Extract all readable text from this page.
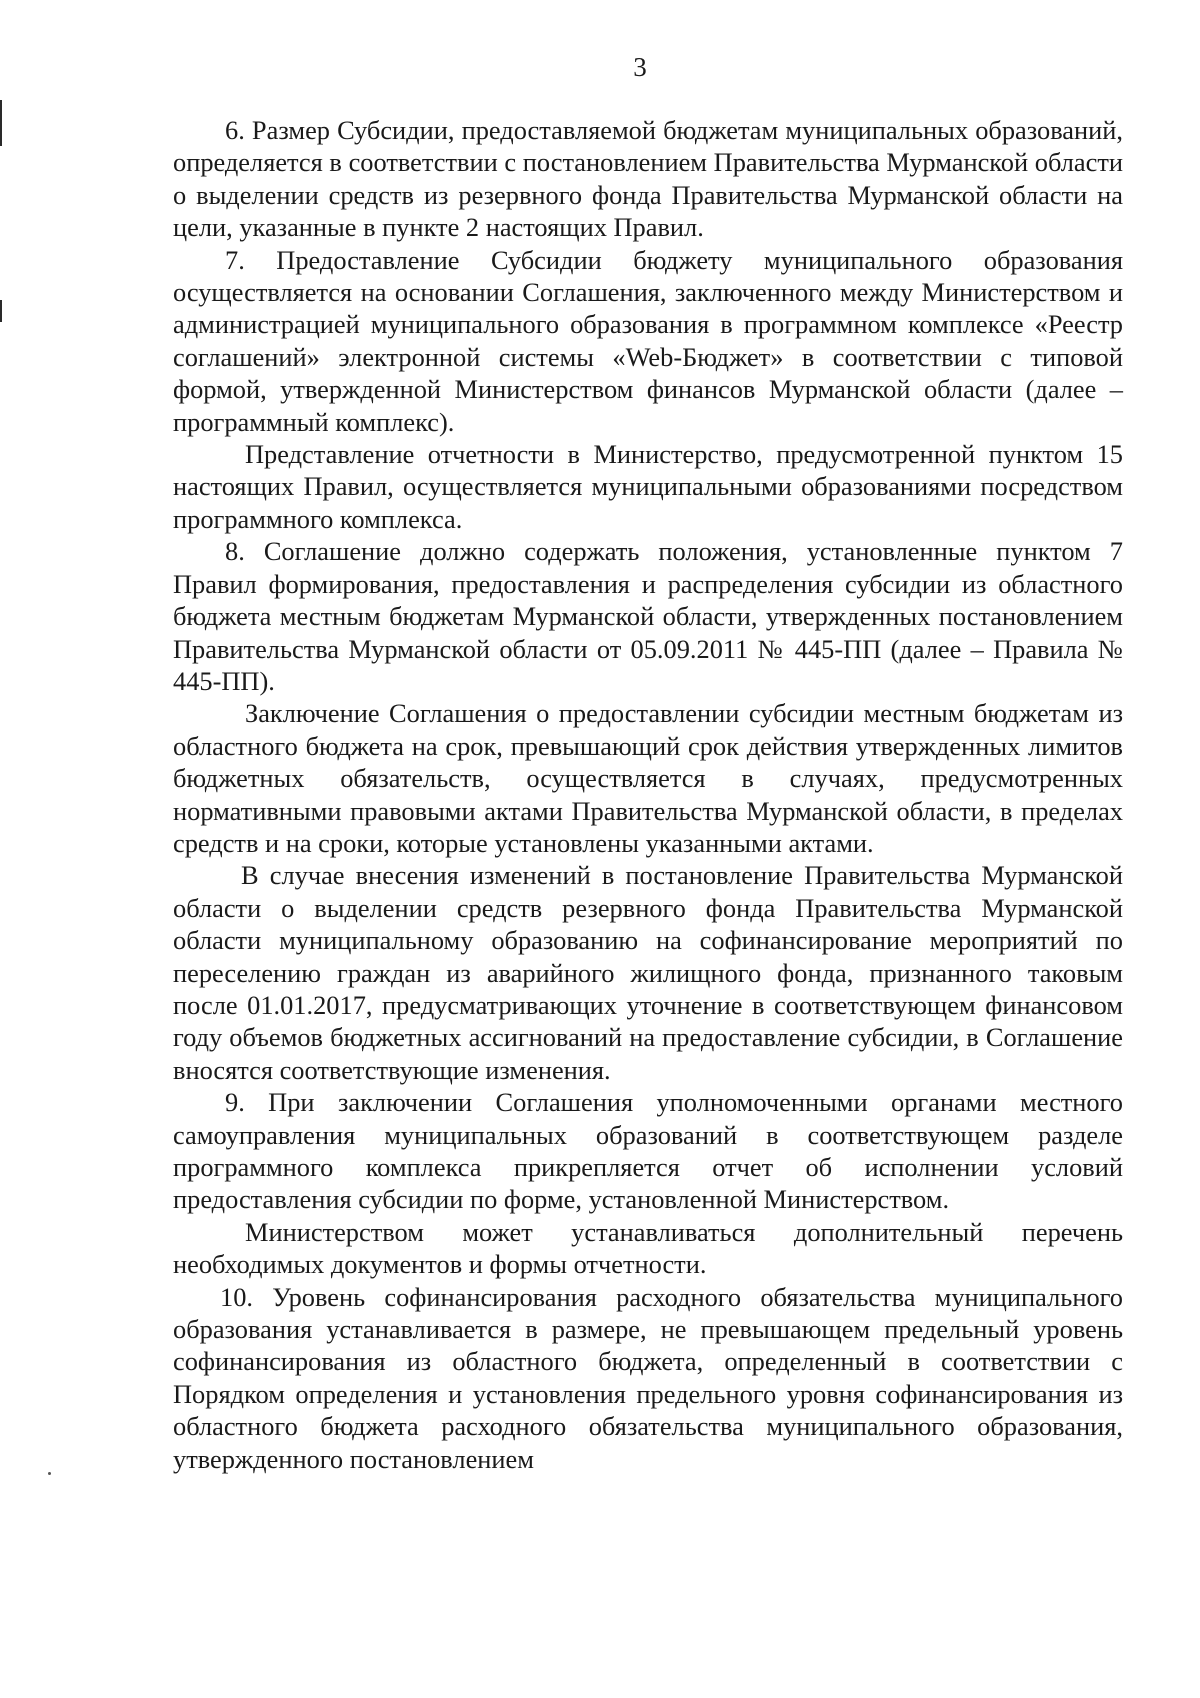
3

6. Размер Субсидии, предоставляемой бюджетам муниципальных образований, определяется в соответствии с постановлением Правительства Мурманской области о выделении средств из резервного фонда Правительства Мурманской области на цели, указанные в пункте 2 настоящих Правил.

7. Предоставление Субсидии бюджету муниципального образования осуществляется на основании Соглашения, заключенного между Министерством и администрацией муниципального образования в программном комплексе «Реестр соглашений» электронной системы «Web-Бюджет» в соответствии с типовой формой, утвержденной Министерством финансов Мурманской области (далее – программный комплекс).

Представление отчетности в Министерство, предусмотренной пунктом 15 настоящих Правил, осуществляется муниципальными образованиями посредством программного комплекса.

8. Соглашение должно содержать положения, установленные пунктом 7 Правил формирования, предоставления и распределения субсидии из областного бюджета местным бюджетам Мурманской области, утвержденных постановлением Правительства Мурманской области от 05.09.2011 № 445-ПП (далее – Правила № 445-ПП).

Заключение Соглашения о предоставлении субсидии местным бюджетам из областного бюджета на срок, превышающий срок действия утвержденных лимитов бюджетных обязательств, осуществляется в случаях, предусмотренных нормативными правовыми актами Правительства Мурманской области, в пределах средств и на сроки, которые установлены указанными актами.

В случае внесения изменений в постановление Правительства Мурманской области о выделении средств резервного фонда Правительства Мурманской области муниципальному образованию на софинансирование мероприятий по переселению граждан из аварийного жилищного фонда, признанного таковым после 01.01.2017, предусматривающих уточнение в соответствующем финансовом году объемов бюджетных ассигнований на предоставление субсидии, в Соглашение вносятся соответствующие изменения.

9. При заключении Соглашения уполномоченными органами местного самоуправления муниципальных образований в соответствующем разделе программного комплекса прикрепляется отчет об исполнении условий предоставления субсидии по форме, установленной Министерством.

Министерством может устанавливаться дополнительный перечень необходимых документов и формы отчетности.

10. Уровень софинансирования расходного обязательства муниципального образования устанавливается в размере, не превышающем предельный уровень софинансирования из областного бюджета, определенный в соответствии с Порядком определения и установления предельного уровня софинансирования из областного бюджета расходного обязательства муниципального образования, утвержденного постановлением
